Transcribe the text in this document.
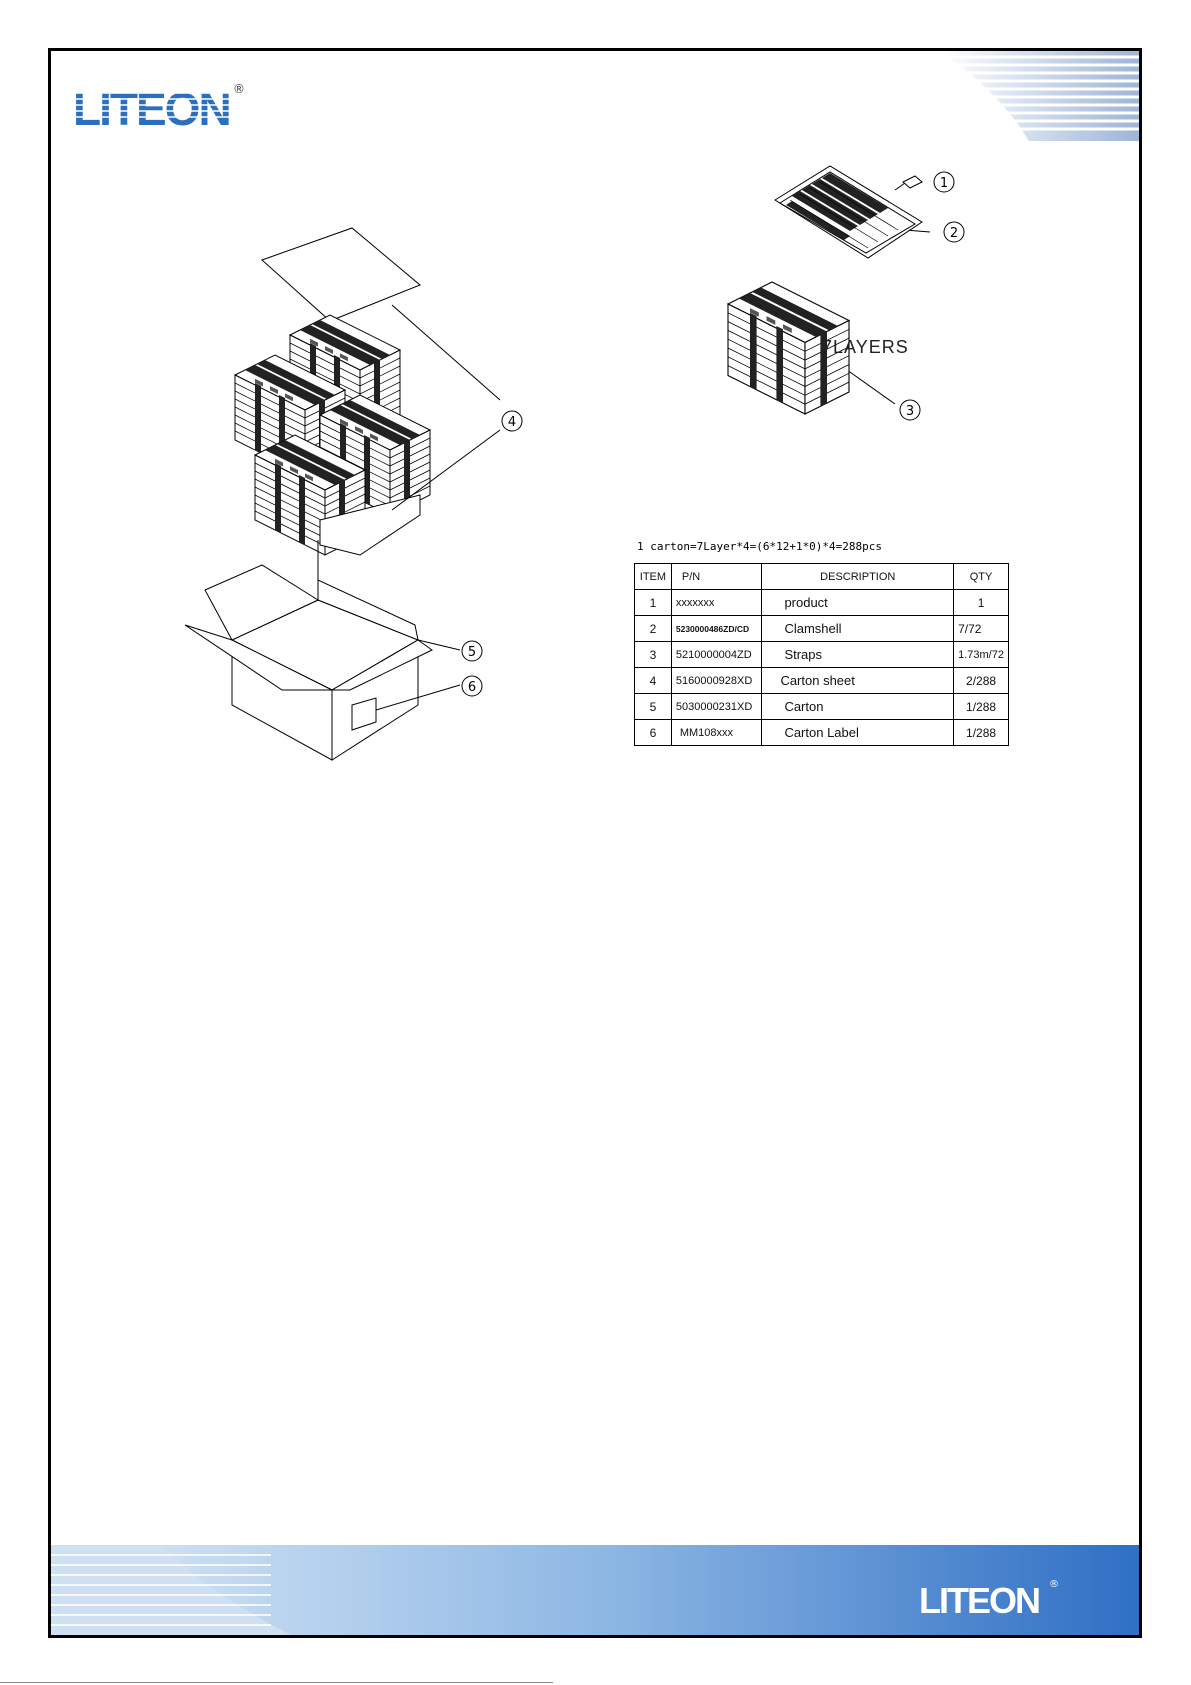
LITEON ®
LITEON ®
1
2
3
4
5
6
7LAYERS
1 carton=7Layer*4=(6*12+1*0)*4=288pcs
ITEM	P/N	DESCRIPTION	QTY
1	xxxxxxx	product	1
2	5230000486ZD/CD	Clamshell	7/72
3	5210000004ZD	Straps	1.73m/72
4	5160000928XD	Carton sheet	2/288
5	5030000231XD	Carton	1/288
6	MM108xxx	Carton Label	1/288
